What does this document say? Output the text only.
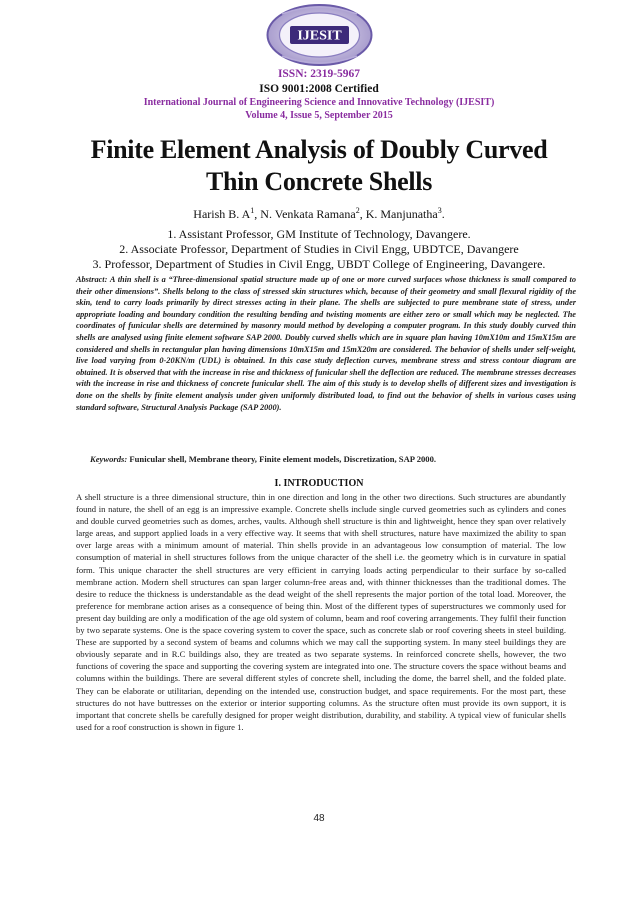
IJESIT
ISSN: 2319-5967
ISO 9001:2008 Certified
International Journal of Engineering Science and Innovative Technology (IJESIT)
Volume 4, Issue 5, September 2015
Finite Element Analysis of Doubly Curved
Thin Concrete Shells
Harish B. $A^1$, N. Venkata Ramana$^2$, K. Manjunatha$^3$.
1. Assistant Professor, GM Institute of Technology, Davangere.
2. Associate Professor, Department of Studies in Civil Engg, UBDTCE, Davangere
3. Professor, Department of Studies in Civil Engg, UBDT College of Engineering, Davangere.
Abstract: A thin shell is a “Three-dimensional spatial structure made up of one or more curved surfaces whose thickness is small compared to their other dimensions”. Shells belong to the class of stressed skin structures which, because of their geometry and small flexural rigidity of the skin, tend to carry loads primarily by direct stresses acting in their plane. The shells are subjected to pure membrane state of stress, under appropriate loading and boundary condition the resulting bending and twisting moments are either zero or small which may be neglected. The coordinates of funicular shells are determined by masonry mould method by developing a computer program. In this study doubly curved thin shells are analysed using finite element software SAP 2000. Doubly curved shells which are in square plan having 10mX10m and 15mX15m are considered and shells in rectangular plan having dimensions 10mX15m and 15mX20m are considered. The behavior of shells under self-weight, live load varying from 0-20KN/m (UDL) is obtained. In this case study deflection curves, membrane stress and stress contour diagram are obtained. It is observed that with the increase in rise and thickness of funicular shell the deflection are reduced. The membrane stresses decreases with the increase in rise and thickness of concrete funicular shell. The aim of this study is to develop shells of different sizes and investigation is done on the shells by finite element analysis under given uniformly distributed load, to find out the behavior of shells in various cases using standard software, Structural Analysis Package (SAP 2000).
Keywords: Funicular shell, Membrane theory, Finite element models, Discretization, SAP 2000.
I. INTRODUCTION
A shell structure is a three dimensional structure, thin in one direction and long in the other two directions. Such structures are abundantly found in nature, the shell of an egg is an impressive example. Concrete shells include single curved geometries such as cylinders and cones and double curved geometries such as domes, arches, vaults. Although shell structure is thin and lightweight, hence they span over relatively large areas, and support applied loads in a very effective way. It seems that with shell structures, nature have maximized the ability to span over large areas with a minimum amount of material. Thin shells provide in an advantageous low consumption of material. The low consumption of material in shell structures follows from the unique character of the shell i.e. the geometry which is in curvature in spatial form. This unique character the shell structures are very efficient in carrying loads acting perpendicular to their surface by so-called membrane action. Modern shell structures can span larger column-free areas and, with thinner thicknesses than the traditional domes. The desire to reduce the thickness is understandable as the dead weight of the shell represents the major portion of the total load. Moreover, the preference for membrane action arises as a consequence of being thin. Most of the different types of superstructures we commonly used for present day building are only a modification of the age old system of column, beam and roof covering arrangements. They fulfil their function by two separate systems. One is the space covering system to cover the space, such as concrete slab or roof covering sheets in steel building. These are supported by a second system of beams and columns which we may call the supporting system. In many steel buildings they are obviously separate and in R.C buildings also, they are treated as two separate systems. In reinforced concrete shells, however, the two functions of covering the space and supporting the covering system are integrated into one. The structure covers the space without beams and columns within the buildings. There are several different styles of concrete shell, including the dome, the barrel shell, and the folded plate. They can be elaborate or utilitarian, depending on the intended use, construction budget, and space requirements. For the most part, these structures do not have buttresses on the exterior or interior supporting columns. As the structure often must provide its own support, it is important that concrete shells be carefully designed for proper weight distribution, durability, and stability. A typical view of funicular shells used for a roof construction is shown in figure 1.
48
